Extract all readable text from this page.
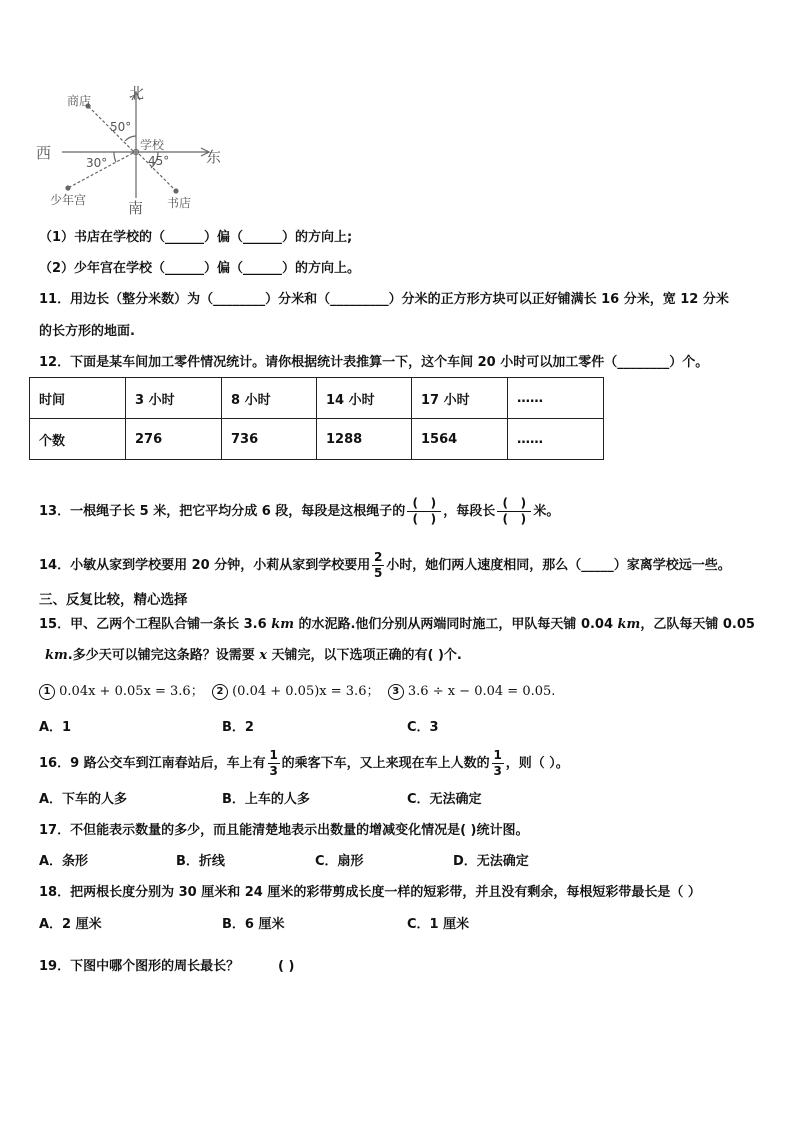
北
南
西	东
学校
商店
书店
少年宫
50°
30°	45°
（1）书店在学校的（______）偏（______）的方向上;
（2）少年宫在学校（______）偏（______）的方向上。
11．用边长（整分米数）为（________）分米和（_________）分米的正方形方块可以正好铺满长 16 分米，宽 12 分米
的长方形的地面.
12．下面是某车间加工零件情况统计。请你根据统计表推算一下，这个车间 20 小时可以加工零件（________）个。
时间	3 小时	8 小时	14 小时	17 小时	……
个数	276	736	1288	1564	……
13．一根绳子长 5 米，把它平均分成 6 段，每段是这根绳子的 $\frac{( )}{( )}$ ，每段长 $\frac{( )}{( )}$ 米。
14．小敏从家到学校要用 20 分钟，小莉从家到学校要用 $\frac{2}{5}$ 小时，她们两人速度相同，那么（_____）家离学校远一些。
三、反复比较，精心选择
15．甲、乙两个工程队合铺一条长 3.6 km 的水泥路.他们分别从两端同时施工，甲队每天铺 0.04 km，乙队每天铺 0.05
km.多少天可以铺完这条路？设需要 x 天铺完，以下选项正确的有( )个.
1 0.04x + 0.05x = 3.6； 2 (0.04 + 0.05)x = 3.6； 3 3.6 ÷ x − 0.04 = 0.05.
A．1	B．2	C．3
16．9 路公交车到江南春站后，车上有 $\frac{1}{3}$ 的乘客下车，又上来现在车上人数的 $\frac{1}{3}$ ，则（ ）。
A．下车的人多	B．上车的人多	C．无法确定
17．不但能表示数量的多少，而且能清楚地表示出数量的增减变化情况是( )统计图。
A．条形	B．折线	C．扇形	D．无法确定
18．把两根长度分别为 30 厘米和 24 厘米的彩带剪成长度一样的短彩带，并且没有剩余，每根短彩带最长是（ ）
A．2 厘米	B．6 厘米	C．1 厘米
19．下图中哪个图形的周长最长？	( )
